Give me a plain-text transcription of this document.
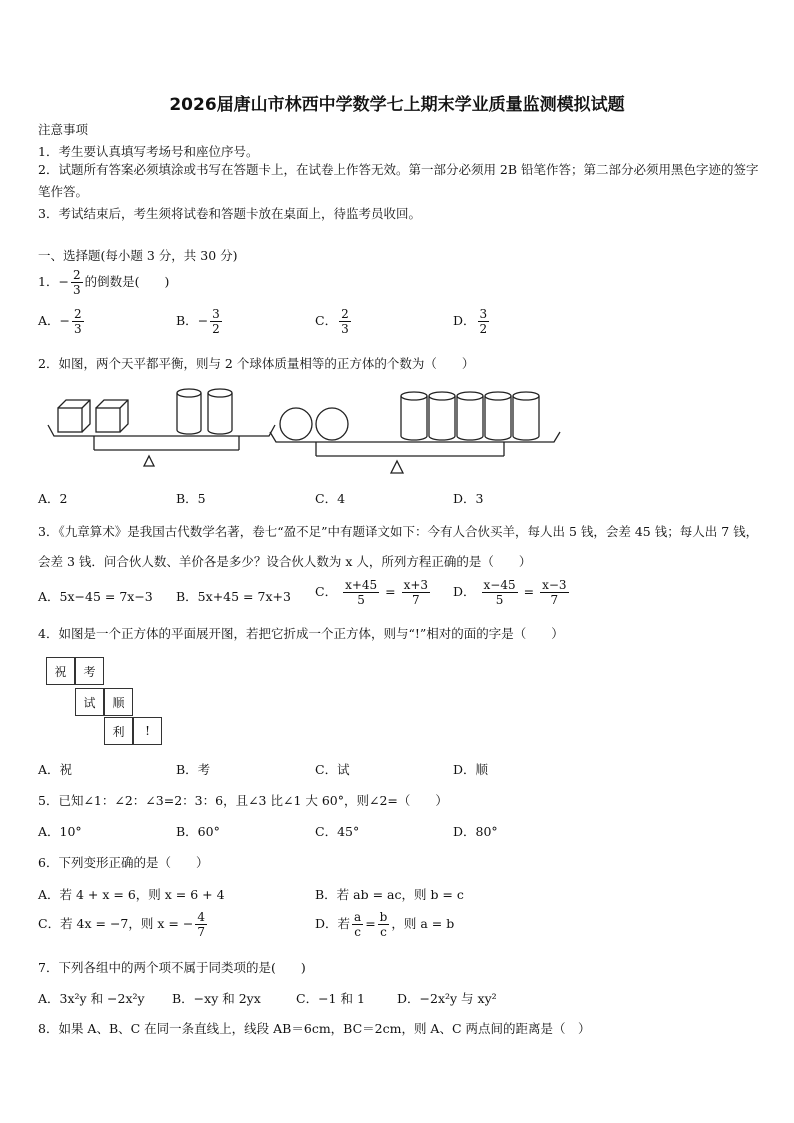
2026届唐山市林西中学数学七上期末学业质量监测模拟试题
注意事项
1．考生要认真填写考场号和座位序号。
2．试题所有答案必须填涂或书写在答题卡上，在试卷上作答无效。第一部分必须用 2B 铅笔作答；第二部分必须用黑色字迹的签字笔作答。
3．考试结束后，考生须将试卷和答题卡放在桌面上，待监考员收回。
一、选择题(每小题 3 分，共 30 分)
1．− $\frac{2}{3}$ 的倒数是(　　)
A．− $\frac{2}{3}$	B．− $\frac{3}{2}$	C． $\frac{2}{3}$	D． $\frac{3}{2}$
2．如图，两个天平都平衡，则与 2 个球体质量相等的正方体的个数为（　　）
A．2	B．5	C．4	D．3
3．《九章算术》是我国古代数学名著，卷七“盈不足”中有题译文如下：今有人合伙买羊，每人出 5 钱，会差 45 钱；每人出 7 钱，会差 3 钱．问合伙人数、羊价各是多少？设合伙人数为 x 人，所列方程正确的是（　　）
A．5x−45 = 7x−3 B．5x+45 = 7x+3 C． $\frac{x+45}{5} = \frac{x+3}{7}$ D． $\frac{x-45}{5} = \frac{x-3}{7}$
4．如图是一个正方体的平面展开图，若把它折成一个正方体，则与“!”相对的面的字是（　　）
祝	考
试	顺
利	!
A．祝	B．考	C．试	D．顺
5．已知∠1：∠2：∠3=2：3：6，且∠3 比∠1 大 60°，则∠2=（　　）
A．10°	B．60°	C．45°	D．80°
6．下列变形正确的是（　　）
A．若 4 + x = 6，则 x = 6 + 4	B．若 ab = ac，则 b = c
C．若 4x = −7，则 x = − $\frac{4}{7}$	D．若 $\frac{a}{c} = \frac{b}{c}$ ，则 a = b
7．下列各组中的两个项不属于同类项的是(　　)
A．3x²y 和 −2x²y B．−xy 和 2yx	C．−1 和 1	D．−2x²y 与 xy²
8．如果 A、B、C 在同一条直线上，线段 AB＝6cm，BC＝2cm，则 A、C 两点间的距离是（　）
